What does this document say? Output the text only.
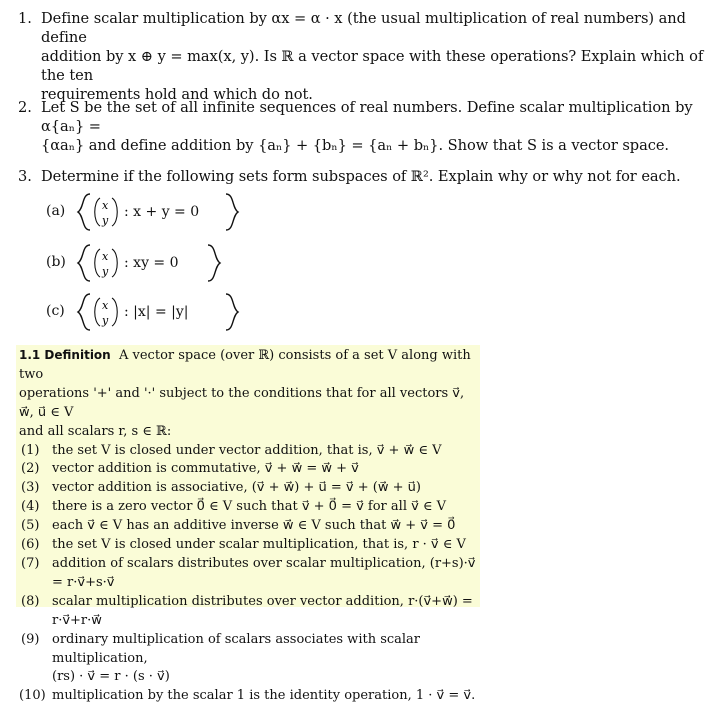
1. Define scalar multiplication by αx = α · x (the usual multiplication of real numbers) and define
addition by x ⊕ y = max(x, y). Is ℝ a vector space with these operations? Explain which of the ten
requirements hold and which do not.
2. Let S be the set of all infinite sequences of real numbers. Define scalar multiplication by α{aₙ} =
{αaₙ} and define addition by {aₙ} + {bₙ} = {aₙ + bₙ}. Show that S is a vector space.
3. Determine if the following sets form subspaces of ℝ². Explain why or why not for each.
(a)	x
y
: x + y = 0
(b)	x
y
: xy = 0
(c)	x
y
: |x| = |y|
1.1 Definition A vector space (over ℝ) consists of a set V along with two
operations '+' and '·' subject to the conditions that for all vectors v⃗, w⃗, u⃗ ∈ V
and all scalars r, s ∈ ℝ:
(1) the set V is closed under vector addition, that is, v⃗ + w⃗ ∈ V
(2) vector addition is commutative, v⃗ + w⃗ = w⃗ + v⃗
(3) vector addition is associative, (v⃗ + w⃗) + u⃗ = v⃗ + (w⃗ + u⃗)
(4) there is a zero vector 0⃗ ∈ V such that v⃗ + 0⃗ = v⃗ for all v⃗ ∈ V
(5) each v⃗ ∈ V has an additive inverse w⃗ ∈ V such that w⃗ + v⃗ = 0⃗
(6) the set V is closed under scalar multiplication, that is, r · v⃗ ∈ V
(7) addition of scalars distributes over scalar multiplication, (r+s)·v⃗ = r·v⃗+s·v⃗
(8) scalar multiplication distributes over vector addition, r·(v⃗+w⃗) = r·v⃗+r·w⃗
(9) ordinary multiplication of scalars associates with scalar multiplication,
(rs) · v⃗ = r · (s · v⃗)
(10) multiplication by the scalar 1 is the identity operation, 1 · v⃗ = v⃗.
